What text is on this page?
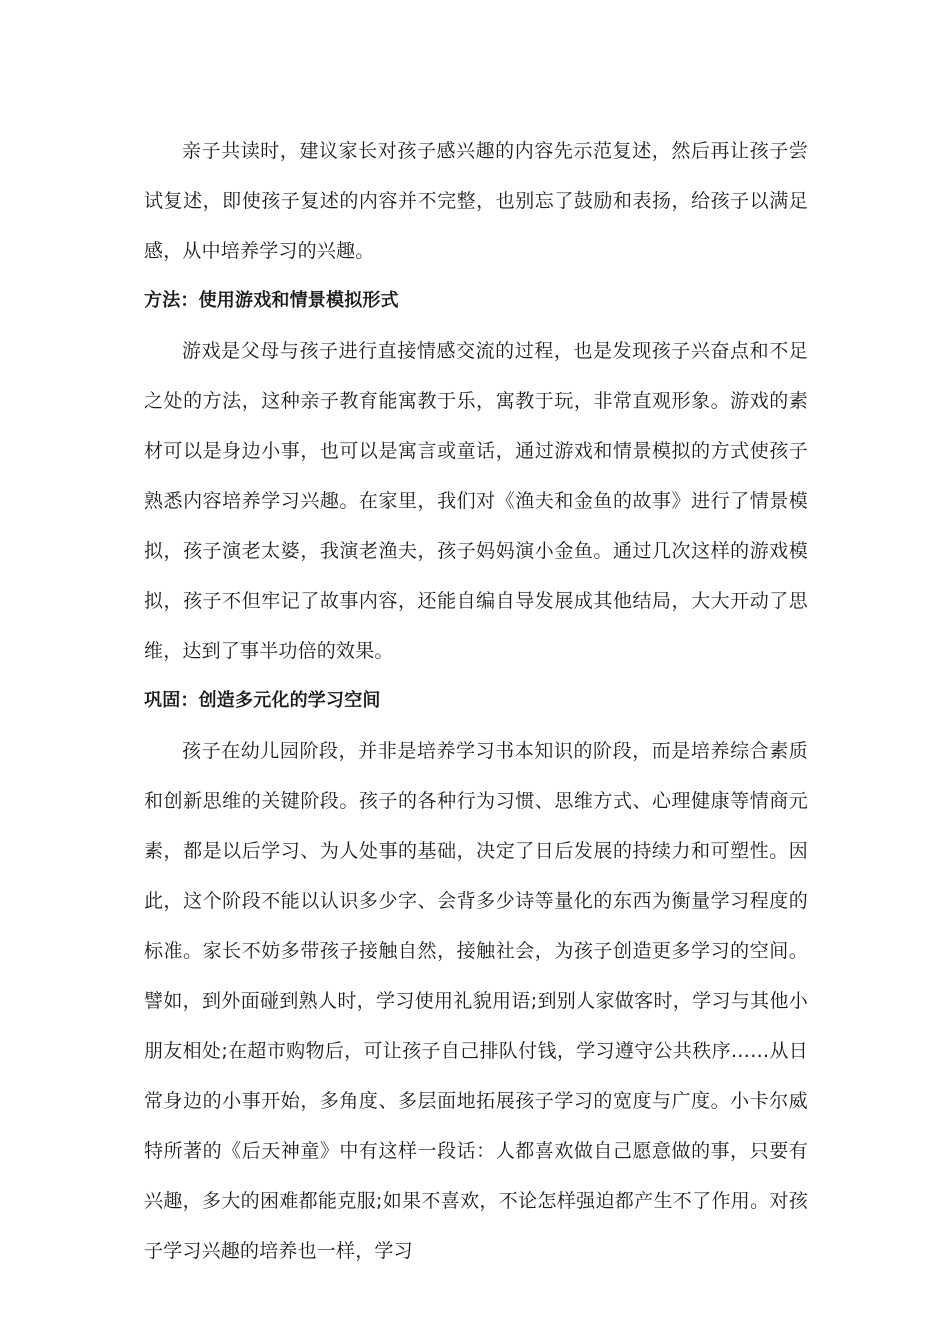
亲子共读时，建议家长对孩子感兴趣的内容先示范复述，然后再让孩子尝试复述，即使孩子复述的内容并不完整，也别忘了鼓励和表扬，给孩子以满足感，从中培养学习的兴趣。

方法：使用游戏和情景模拟形式

游戏是父母与孩子进行直接情感交流的过程，也是发现孩子兴奋点和不足之处的方法，这种亲子教育能寓教于乐，寓教于玩，非常直观形象。游戏的素材可以是身边小事，也可以是寓言或童话，通过游戏和情景模拟的方式使孩子熟悉内容培养学习兴趣。在家里，我们对《渔夫和金鱼的故事》进行了情景模拟，孩子演老太婆，我演老渔夫，孩子妈妈演小金鱼。通过几次这样的游戏模拟，孩子不但牢记了故事内容，还能自编自导发展成其他结局，大大开动了思维，达到了事半功倍的效果。

巩固：创造多元化的学习空间

孩子在幼儿园阶段，并非是培养学习书本知识的阶段，而是培养综合素质和创新思维的关键阶段。孩子的各种行为习惯、思维方式、心理健康等情商元素，都是以后学习、为人处事的基础，决定了日后发展的持续力和可塑性。因此，这个阶段不能以认识多少字、会背多少诗等量化的东西为衡量学习程度的标准。家长不妨多带孩子接触自然，接触社会，为孩子创造更多学习的空间。譬如，到外面碰到熟人时，学习使用礼貌用语;到别人家做客时，学习与其他小朋友相处;在超市购物后，可让孩子自己排队付钱，学习遵守公共秩序……从日常身边的小事开始，多角度、多层面地拓展孩子学习的宽度与广度。小卡尔威特所著的《后天神童》中有这样一段话：人都喜欢做自己愿意做的事，只要有兴趣，多大的困难都能克服;如果不喜欢，不论怎样强迫都产生不了作用。对孩子学习兴趣的培养也一样，学习
